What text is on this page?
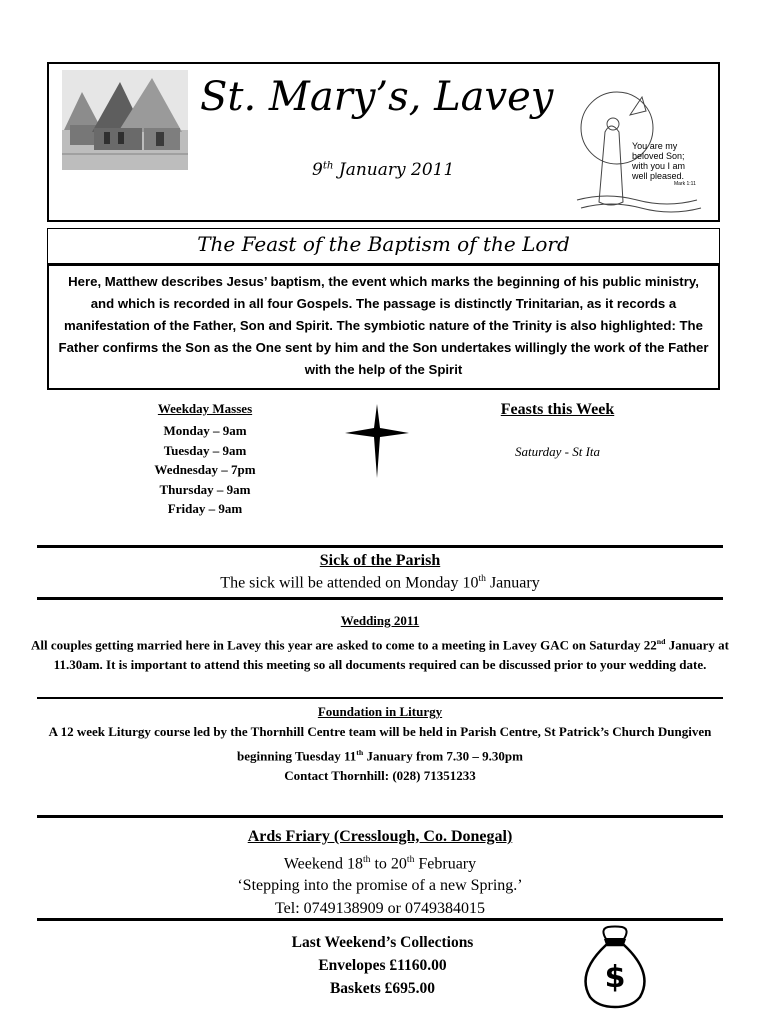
St. Mary’s, Lavey
9th January 2011
You are my
beloved Son;
with you I am
well pleased.
Mark 1:11
The Feast of the Baptism of the Lord
Here, Matthew describes Jesus’ baptism, the event which marks the beginning of his public ministry, and which is recorded in all four Gospels. The passage is distinctly Trinitarian, as it records a manifestation of the Father, Son and Spirit. The symbiotic nature of the Trinity is also highlighted: The Father confirms the Son as the One sent by him and the Son undertakes willingly the work of the Father with the help of the Spirit
Weekday Masses
Monday – 9am
Tuesday – 9am
Wednesday – 7pm
Thursday – 9am
Friday – 9am
Feasts this Week
Saturday - St Ita
Sick of the Parish
The sick will be attended on Monday 10th January
Wedding 2011
All couples getting married here in Lavey this year are asked to come to a meeting in Lavey GAC on Saturday 22nd January at 11.30am. It is important to attend this meeting so all documents required can be discussed prior to your wedding date.
Foundation in Liturgy
A 12 week Liturgy course led by the Thornhill Centre team will be held in Parish Centre, St Patrick’s Church Dungiven beginning Tuesday 11th January from 7.30 – 9.30pm
Contact Thornhill: (028) 71351233
Ards Friary (Cresslough, Co. Donegal)
Weekend 18th to 20th February
‘Stepping into the promise of a new Spring.’
Tel: 0749138909 or 0749384015
Last Weekend’s Collections
Envelopes £1160.00
Baskets £695.00	$
